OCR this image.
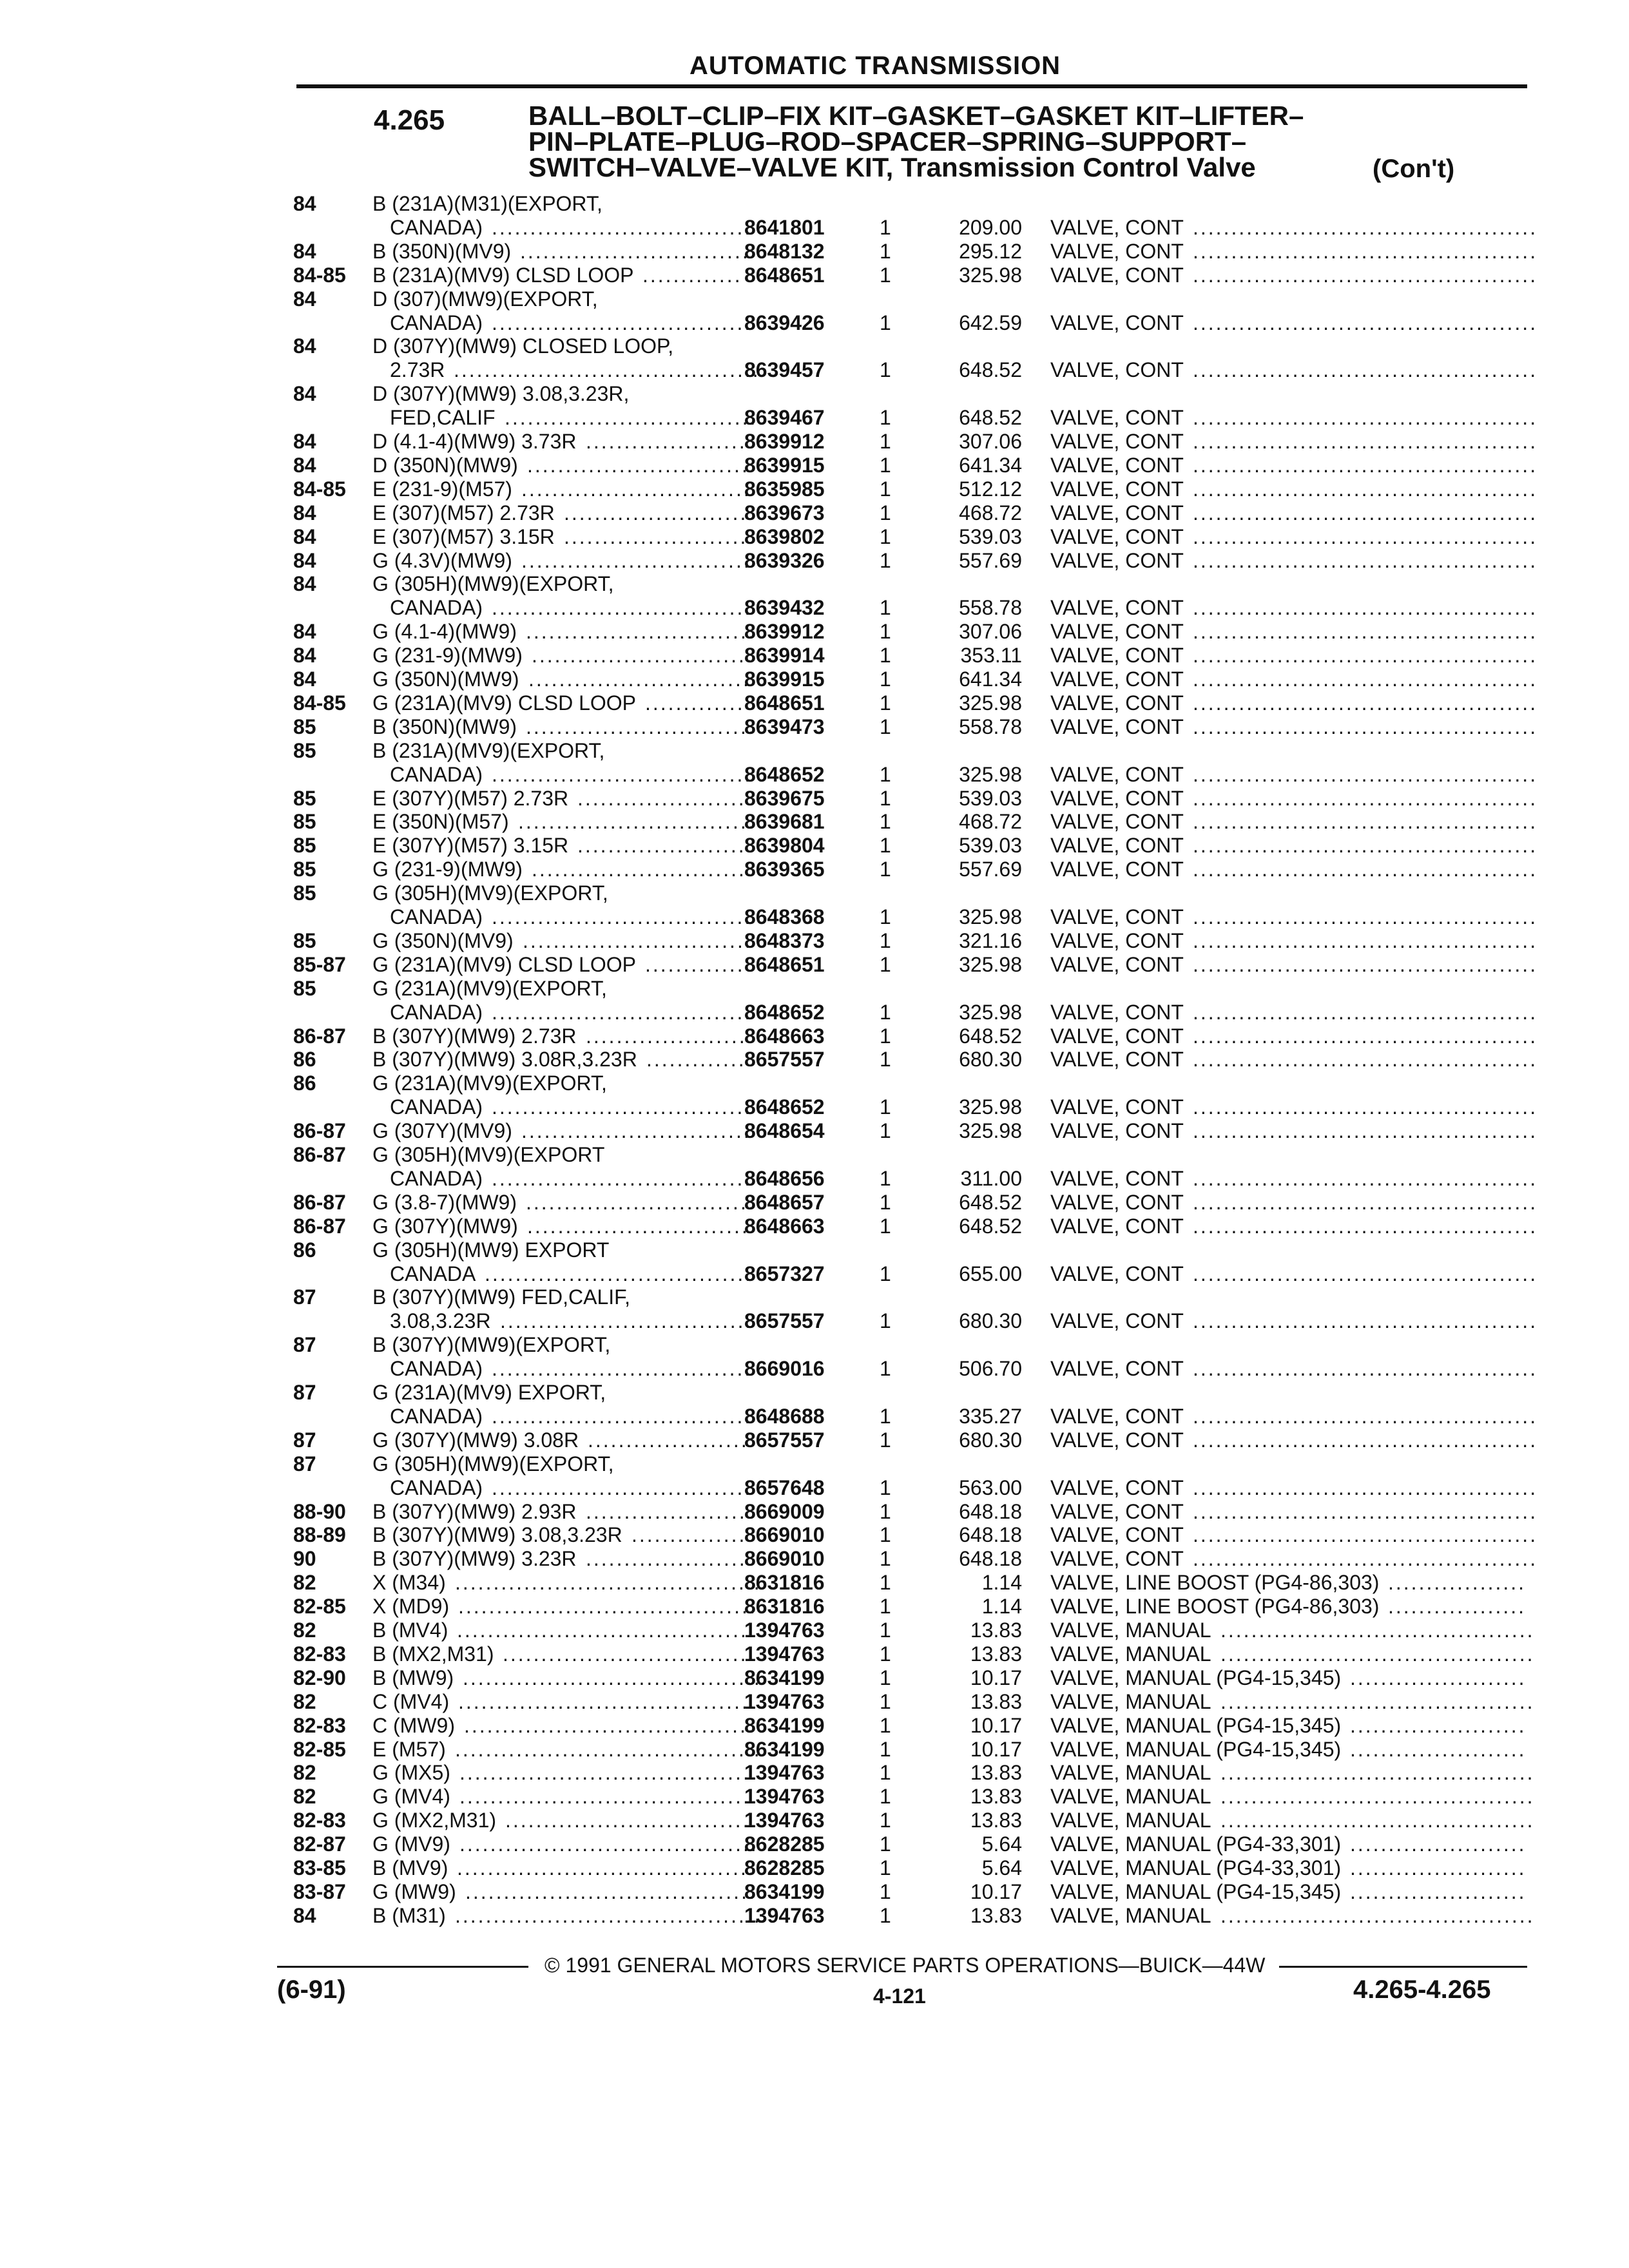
AUTOMATIC TRANSMISSION
4.265	BALL–BOLT–CLIP–FIX KIT–GASKET–GASKET KIT–LIFTER–
PIN–PLATE–PLUG–ROD–SPACER–SPRING–SUPPORT–
SWITCH–VALVE–VALVE KIT, Transmission Control Valve	(Con't)
84	B (231A)(M31)(EXPORT,
CANADA)	8641801	1	209.00 VALVE, CONT
..................................	.............................................
84	B (350N)(MV9)	8648132	1	295.12 VALVE, CONT
..............................	.............................................
84-85 B (231A)(MV9) CLSD LOOP	8648651	1	325.98 VALVE, CONT
.............	.............................................
84	D (307)(MW9)(EXPORT,
CANADA)	8639426	1	642.59 VALVE, CONT
..................................	.............................................
84	D (307Y)(MW9) CLOSED LOOP,
2.73R	8639457	1	648.52 VALVE, CONT
........................................	.............................................
84	D (307Y)(MW9) 3.08,3.23R,
FED,CALIF	8639467	1	648.52 VALVE, CONT
.................................	.............................................
84	D (4.1-4)(MW9) 3.73R	8639912	1	307.06 VALVE, CONT
.....................	.............................................
84	D (350N)(MW9)	8639915	1	641.34 VALVE, CONT
.............................	.............................................
84-85 E (231-9)(M57)	8635985	1	512.12 VALVE, CONT
..............................	.............................................
84	E (307)(M57) 2.73R	8639673	1	468.72 VALVE, CONT
........................	.............................................
84	E (307)(M57) 3.15R	8639802	1	539.03 VALVE, CONT
........................	.............................................
84	G (4.3V)(MW9)	8639326	1	557.69 VALVE, CONT
..............................	.............................................
84	G (305H)(MW9)(EXPORT,
CANADA)	8639432	1	558.78 VALVE, CONT
..................................	.............................................
84	G (4.1-4)(MW9)	8639912	1	307.06 VALVE, CONT
..............................	.............................................
84	G (231-9)(MW9)	8639914	1	353.11 VALVE, CONT
.............................	.............................................
84	G (350N)(MW9)	8639915	1	641.34 VALVE, CONT
.............................	.............................................
84-85 G (231A)(MV9) CLSD LOOP	8648651	1	325.98 VALVE, CONT
.............	.............................................
85	B (350N)(MW9)	8639473	1	558.78 VALVE, CONT
..............................	.............................................
85	B (231A)(MV9)(EXPORT,
CANADA)	8648652	1	325.98 VALVE, CONT
..................................	.............................................
85	E (307Y)(M57) 2.73R	8639675	1	539.03 VALVE, CONT
......................	.............................................
85	E (350N)(M57)	8639681	1	468.72 VALVE, CONT
...............................	.............................................
85	E (307Y)(M57) 3.15R	8639804	1	539.03 VALVE, CONT
......................	.............................................
85	G (231-9)(MW9)	8639365	1	557.69 VALVE, CONT
.............................	.............................................
85	G (305H)(MV9)(EXPORT,
CANADA)	8648368	1	325.98 VALVE, CONT
..................................	.............................................
85	G (350N)(MV9)	8648373	1	321.16 VALVE, CONT
..............................	.............................................
85-87 G (231A)(MV9) CLSD LOOP	8648651	1	325.98 VALVE, CONT
.............	.............................................
85	G (231A)(MV9)(EXPORT,
CANADA)	8648652	1	325.98 VALVE, CONT
..................................	.............................................
86-87 B (307Y)(MW9) 2.73R	8648663	1	648.52 VALVE, CONT
.....................	.............................................
86	B (307Y)(MW9) 3.08R,3.23R	8657557	1	680.30 VALVE, CONT
.............	.............................................
86	G (231A)(MV9)(EXPORT,
CANADA)	8648652	1	325.98 VALVE, CONT
..................................	.............................................
86-87 G (307Y)(MV9)	8648654	1	325.98 VALVE, CONT
..............................	.............................................
86-87 G (305H)(MV9)(EXPORT
CANADA)	8648656	1	311.00 VALVE, CONT
..................................	.............................................
86-87 G (3.8-7)(MW9)	8648657	1	648.52 VALVE, CONT
..............................	.............................................
86-87 G (307Y)(MW9)	8648663	1	648.52 VALVE, CONT
.............................	.............................................
86	G (305H)(MW9) EXPORT
CANADA	8657327	1	655.00 VALVE, CONT
...................................	.............................................
87	B (307Y)(MW9) FED,CALIF,
3.08,3.23R	8657557	1	680.30 VALVE, CONT
.................................	.............................................
87	B (307Y)(MW9)(EXPORT,
CANADA)	8669016	1	506.70 VALVE, CONT
..................................	.............................................
87	G (231A)(MV9) EXPORT,
CANADA)	8648688	1	335.27 VALVE, CONT
..................................	.............................................
87	G (307Y)(MW9) 3.08R	8657557	1	680.30 VALVE, CONT
.....................	.............................................
87	G (305H)(MW9)(EXPORT,
CANADA)	8657648	1	563.00 VALVE, CONT
..................................	.............................................
88-90 B (307Y)(MW9) 2.93R	8669009	1	648.18 VALVE, CONT
.....................	.............................................
88-89 B (307Y)(MW9) 3.08,3.23R	8669010	1	648.18 VALVE, CONT
...............	.............................................
90	B (307Y)(MW9) 3.23R	8669010	1	648.18 VALVE, CONT
.....................	.............................................
82	X (M34)	8631816	1	1.14 VALVE, LINE BOOST (PG4-86,303)
........................................	..................
82-85 X (MD9)	8631816	1	1.14 VALVE, LINE BOOST (PG4-86,303)
.......................................	..................
82	B (MV4)	1394763	1	13.83 VALVE, MANUAL
.......................................	.........................................
82-83 B (MX2,M31)	1394763	1	13.83 VALVE, MANUAL
.................................	.........................................
82-90 B (MW9)	8634199	1	10.17 VALVE, MANUAL (PG4-15,345)
.......................................	.......................
82	C (MV4)	1394763	1	13.83 VALVE, MANUAL
.......................................	.........................................
82-83 C (MW9)	8634199	1	10.17 VALVE, MANUAL (PG4-15,345)
......................................	.......................
82-85 E (M57)	8634199	1	10.17 VALVE, MANUAL (PG4-15,345)
........................................	.......................
82	G (MX5)	1394763	1	13.83 VALVE, MANUAL
.......................................	.........................................
82	G (MV4)	1394763	1	13.83 VALVE, MANUAL
.......................................	.........................................
82-83 G (MX2,M31)	1394763	1	13.83 VALVE, MANUAL
.................................	.........................................
82-87 G (MV9)	8628285	1	5.64 VALVE, MANUAL (PG4-33,301)
.......................................	.......................
83-85 B (MV9)	8628285	1	5.64 VALVE, MANUAL (PG4-33,301)
.......................................	.......................
83-87 G (MW9)	8634199	1	10.17 VALVE, MANUAL (PG4-15,345)
......................................	.......................
84	B (M31)	1394763	1	13.83 VALVE, MANUAL
........................................	.........................................
© 1991 GENERAL MOTORS SERVICE PARTS OPERATIONS—BUICK—44W
(6-91)	4-121	4.265-4.265
